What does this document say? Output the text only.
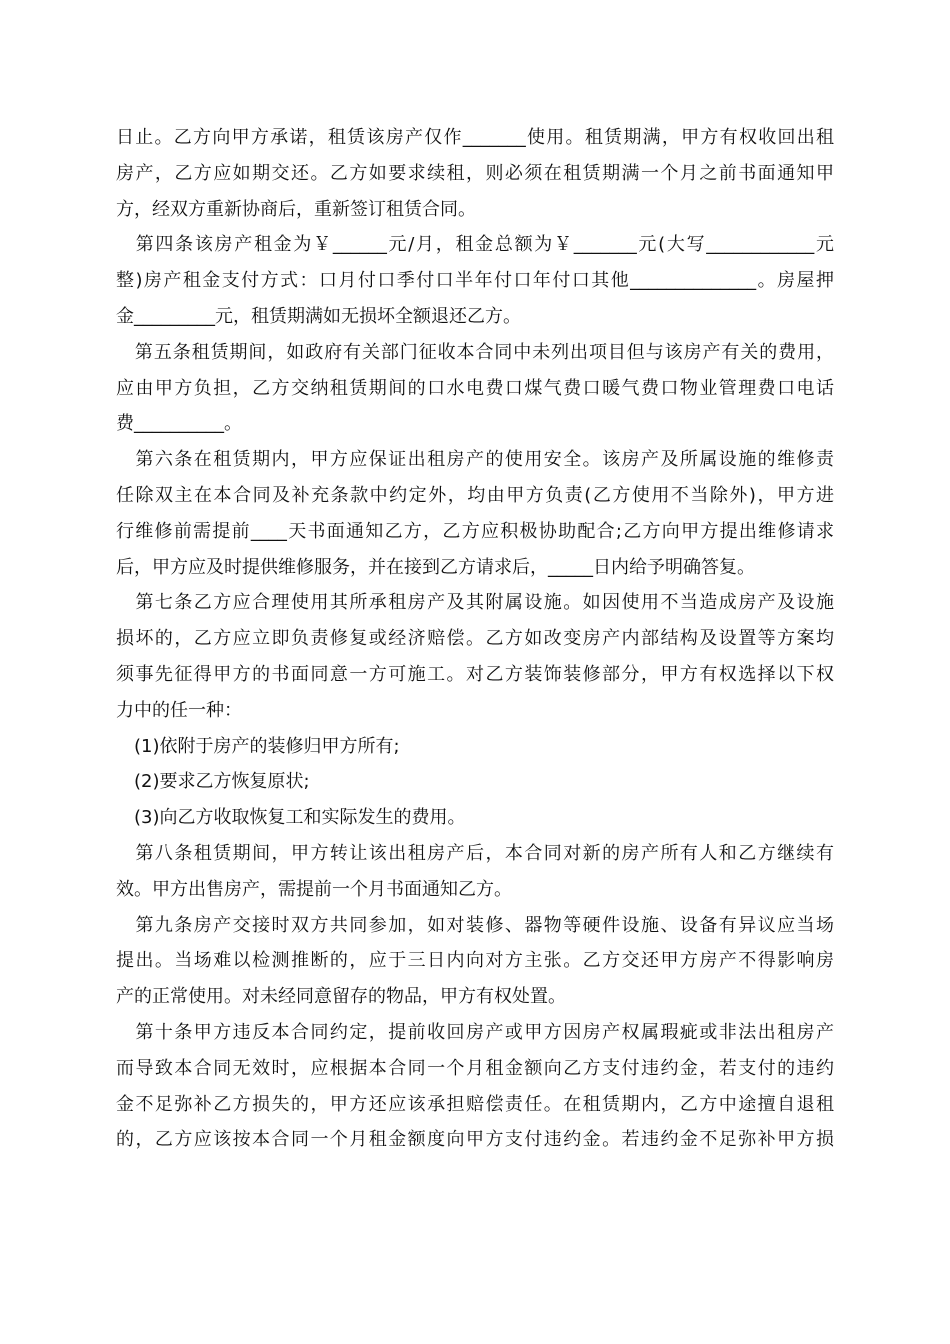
日止。乙方向甲方承诺，租赁该房产仅作_______使用。租赁期满，甲方有权收回出租
房产，乙方应如期交还。乙方如要求续租，则必须在租赁期满一个月之前书面通知甲
方，经双方重新协商后，重新签订租赁合同。
　第四条该房产租金为￥______元/月，租金总额为￥_______元(大写____________元
整)房产租金支付方式：口月付口季付口半年付口年付口其他______________。房屋押
金_________元，租赁期满如无损坏全额退还乙方。
　第五条租赁期间，如政府有关部门征收本合同中未列出项目但与该房产有关的费用，
应由甲方负担，乙方交纳租赁期间的口水电费口煤气费口暖气费口物业管理费口电话
费__________。
　第六条在租赁期内，甲方应保证出租房产的使用安全。该房产及所属设施的维修责
任除双主在本合同及补充条款中约定外，均由甲方负责(乙方使用不当除外)，甲方进
行维修前需提前____天书面通知乙方，乙方应积极协助配合;乙方向甲方提出维修请求
后，甲方应及时提供维修服务，并在接到乙方请求后，_____日内给予明确答复。
　第七条乙方应合理使用其所承租房产及其附属设施。如因使用不当造成房产及设施
损坏的，乙方应立即负责修复或经济赔偿。乙方如改变房产内部结构及设置等方案均
须事先征得甲方的书面同意一方可施工。对乙方装饰装修部分，甲方有权选择以下权
力中的任一种：
　(1)依附于房产的装修归甲方所有;
　(2)要求乙方恢复原状;
　(3)向乙方收取恢复工和实际发生的费用。
　第八条租赁期间，甲方转让该出租房产后，本合同对新的房产所有人和乙方继续有
效。甲方出售房产，需提前一个月书面通知乙方。
　第九条房产交接时双方共同参加，如对装修、器物等硬件设施、设备有异议应当场
提出。当场难以检测推断的，应于三日内向对方主张。乙方交还甲方房产不得影响房
产的正常使用。对未经同意留存的物品，甲方有权处置。
　第十条甲方违反本合同约定，提前收回房产或甲方因房产权属瑕疵或非法出租房产
而导致本合同无效时，应根据本合同一个月租金额向乙方支付违约金，若支付的违约
金不足弥补乙方损失的，甲方还应该承担赔偿责任。在租赁期内，乙方中途擅自退租
的，乙方应该按本合同一个月租金额度向甲方支付违约金。若违约金不足弥补甲方损
